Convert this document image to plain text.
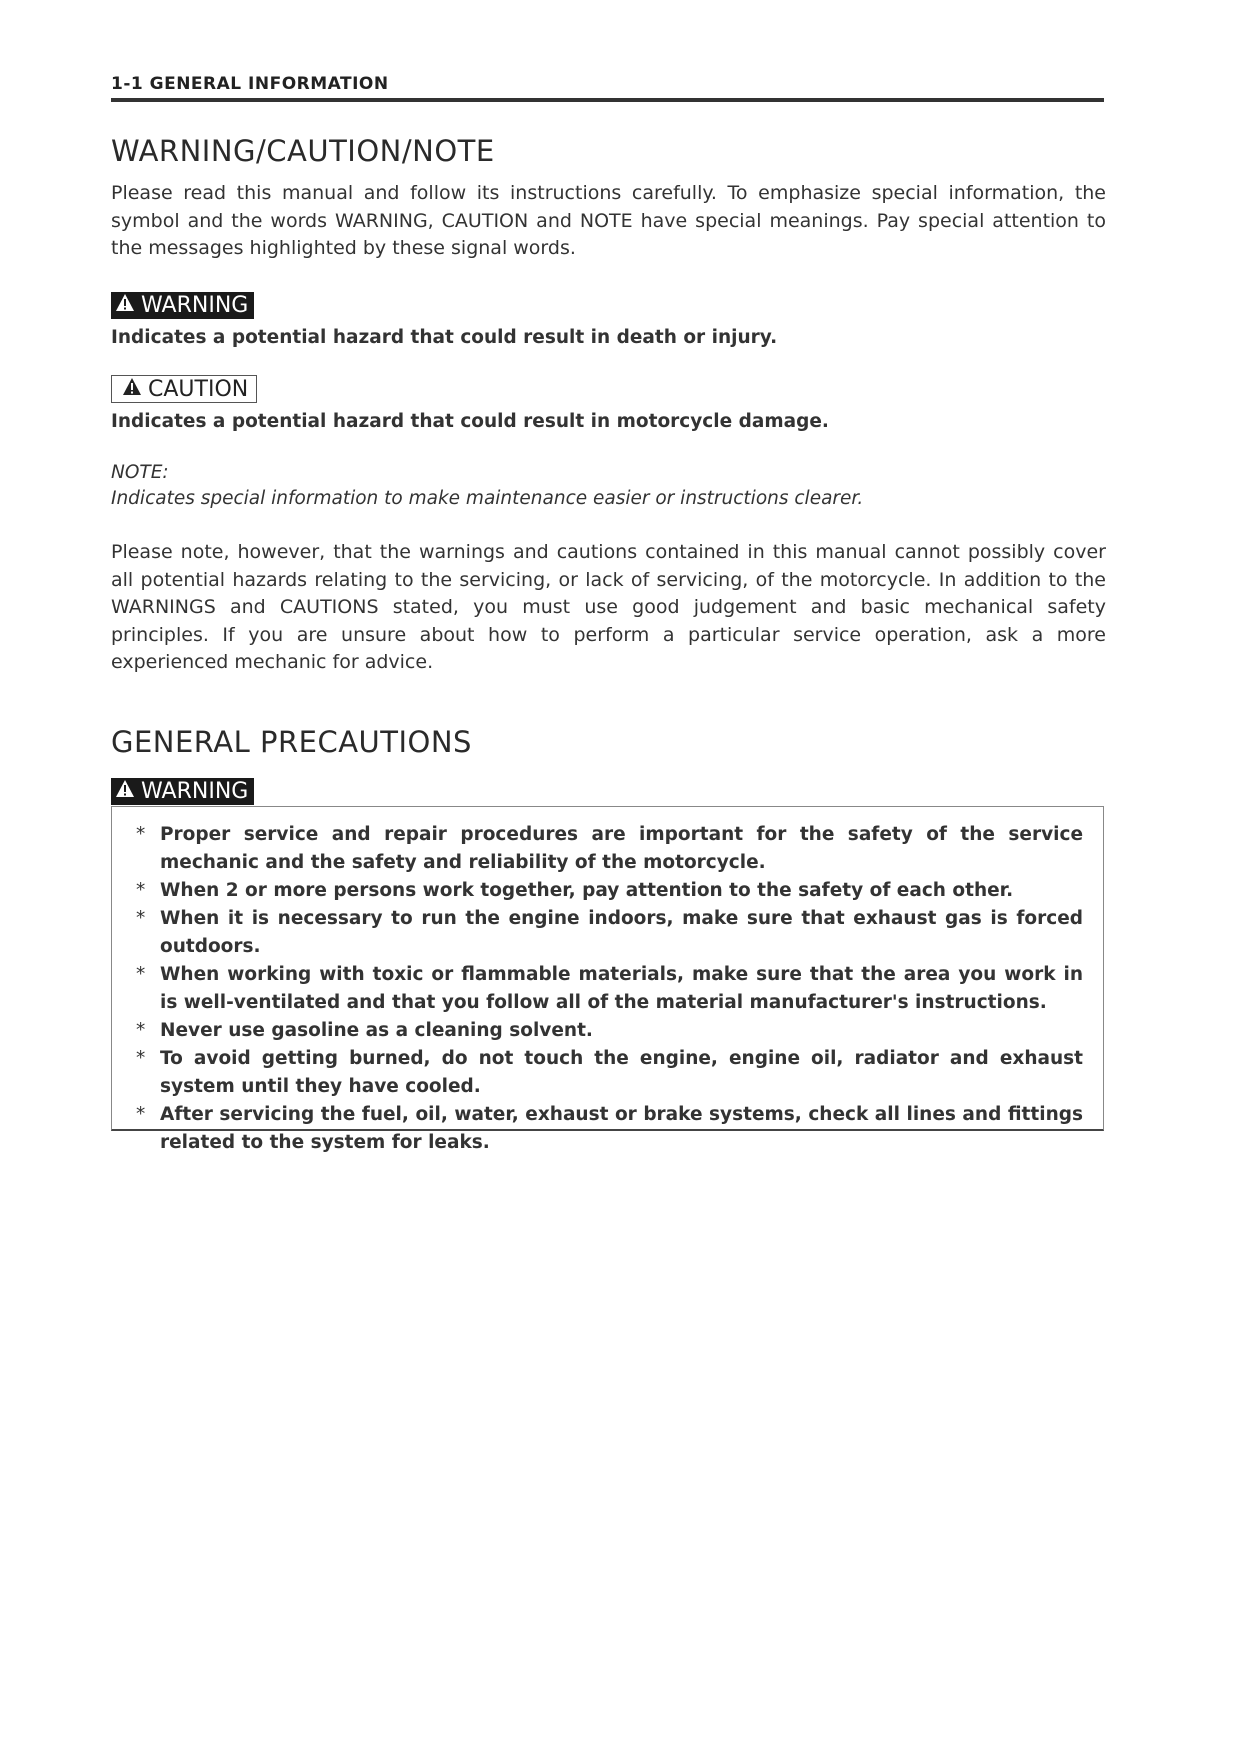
1-1 GENERAL INFORMATION
WARNING/CAUTION/NOTE

Please read this manual and follow its instructions carefully. To emphasize special information, the symbol and the words WARNING, CAUTION and NOTE have special meanings. Pay special attention to the messages highlighted by these signal words.

WARNING

Indicates a potential hazard that could result in death or injury.

CAUTION

Indicates a potential hazard that could result in motorcycle damage.

NOTE:
Indicates special information to make maintenance easier or instructions clearer.

Please note, however, that the warnings and cautions contained in this manual cannot possibly cover all potential hazards relating to the servicing, or lack of servicing, of the motorcycle. In addition to the WARNINGS and CAUTIONS stated, you must use good judgement and basic mechanical safety principles. If you are unsure about how to perform a particular service operation, ask a more experienced mechanic for advice.

GENERAL PRECAUTIONS
WARNING
* Proper service and repair procedures are important for the safety of the service mechanic and the safety and reliability of the motorcycle.
* When 2 or more persons work together, pay attention to the safety of each other.
* When it is necessary to run the engine indoors, make sure that exhaust gas is forced outdoors.
* When working with toxic or flammable materials, make sure that the area you work in is well-ventilated and that you follow all of the material manufacturer's instructions.
* Never use gasoline as a cleaning solvent.
* To avoid getting burned, do not touch the engine, engine oil, radiator and exhaust system until they have cooled.
* After servicing the fuel, oil, water, exhaust or brake systems, check all lines and fittings related to the system for leaks.
